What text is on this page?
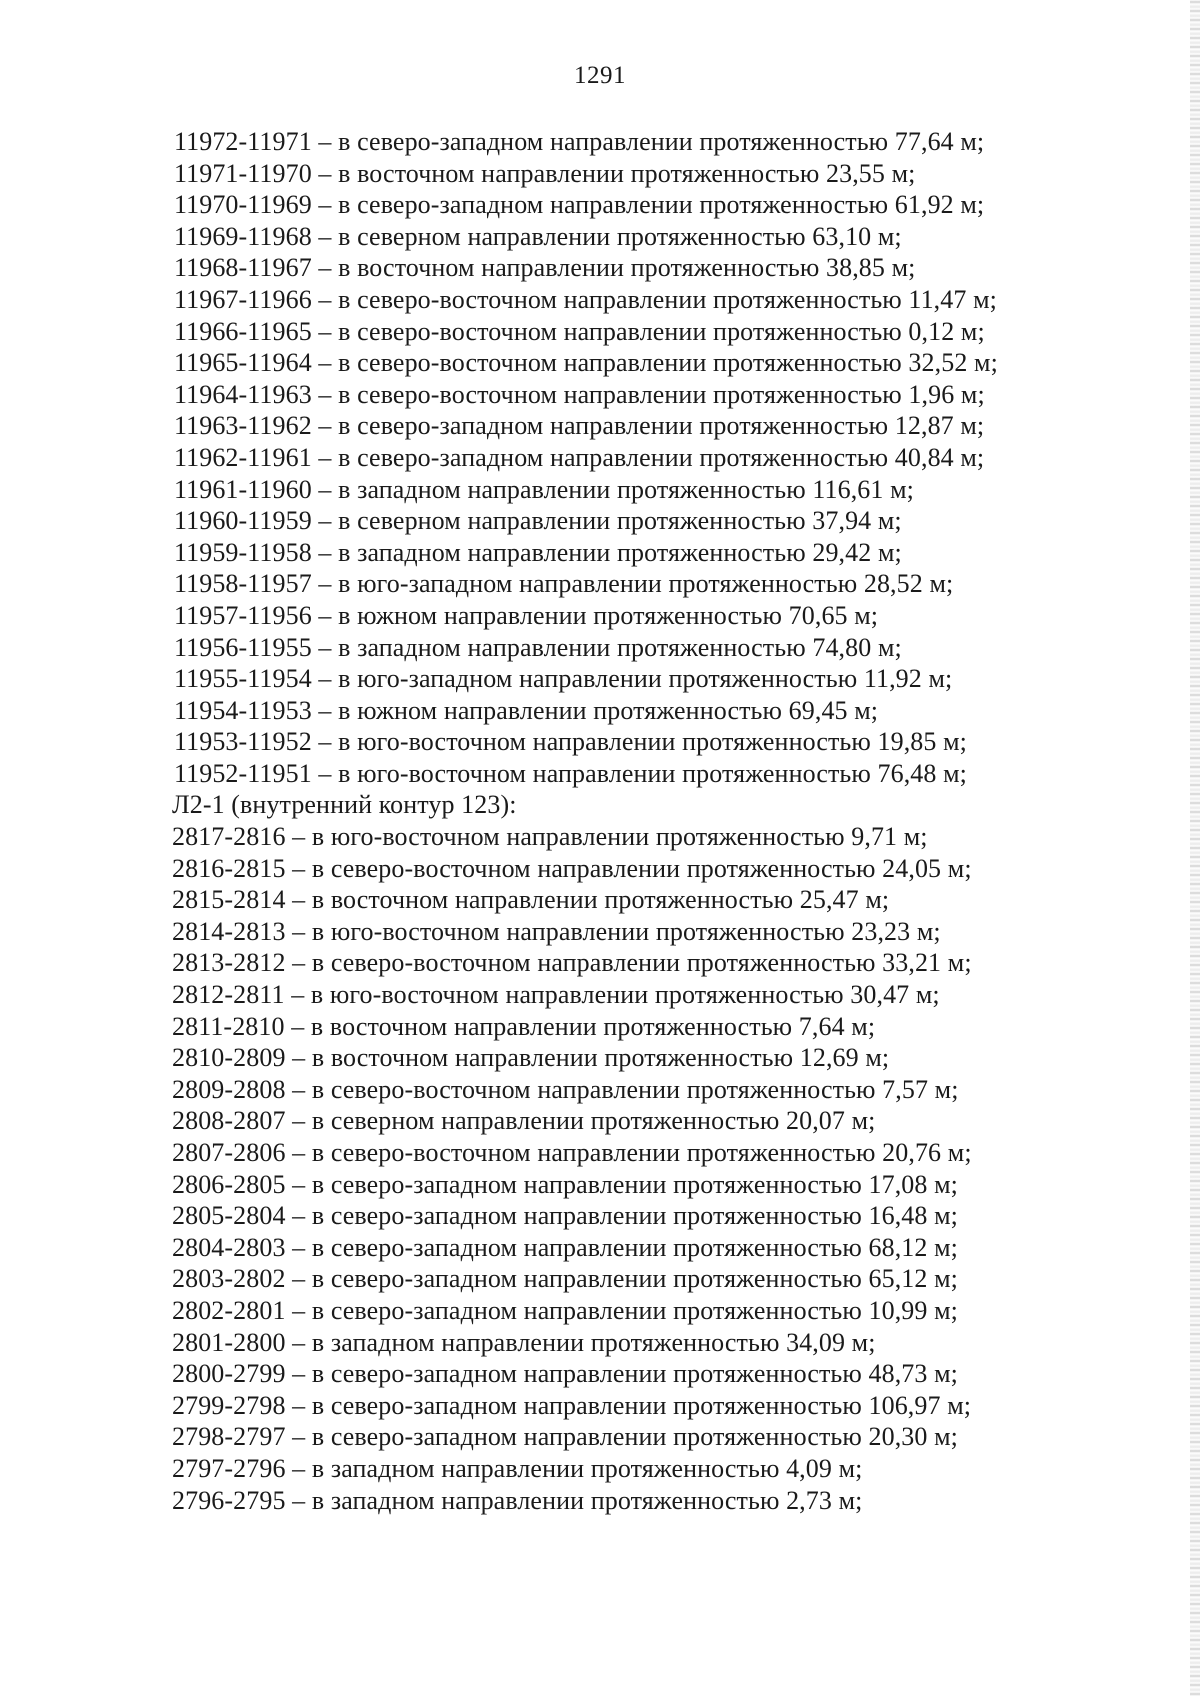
1291
11972-11971 – в северо-западном направлении протяженностью 77,64 м;
11971-11970 – в восточном направлении протяженностью 23,55 м;
11970-11969 – в северо-западном направлении протяженностью 61,92 м;
11969-11968 – в северном направлении протяженностью 63,10 м;
11968-11967 – в восточном направлении протяженностью 38,85 м;
11967-11966 – в северо-восточном направлении протяженностью 11,47 м;
11966-11965 – в северо-восточном направлении протяженностью 0,12 м;
11965-11964 – в северо-восточном направлении протяженностью 32,52 м;
11964-11963 – в северо-восточном направлении протяженностью 1,96 м;
11963-11962 – в северо-западном направлении протяженностью 12,87 м;
11962-11961 – в северо-западном направлении протяженностью 40,84 м;
11961-11960 – в западном направлении протяженностью 116,61 м;
11960-11959 – в северном направлении протяженностью 37,94 м;
11959-11958 – в западном направлении протяженностью 29,42 м;
11958-11957 – в юго-западном направлении протяженностью 28,52 м;
11957-11956 – в южном направлении протяженностью 70,65 м;
11956-11955 – в западном направлении протяженностью 74,80 м;
11955-11954 – в юго-западном направлении протяженностью 11,92 м;
11954-11953 – в южном направлении протяженностью 69,45 м;
11953-11952 – в юго-восточном направлении протяженностью 19,85 м;
11952-11951 – в юго-восточном направлении протяженностью 76,48 м;
Л2-1 (внутренний контур 123):
2817-2816 – в юго-восточном направлении протяженностью 9,71 м;
2816-2815 – в северо-восточном направлении протяженностью 24,05 м;
2815-2814 – в восточном направлении протяженностью 25,47 м;
2814-2813 – в юго-восточном направлении протяженностью 23,23 м;
2813-2812 – в северо-восточном направлении протяженностью 33,21 м;
2812-2811 – в юго-восточном направлении протяженностью 30,47 м;
2811-2810 – в восточном направлении протяженностью 7,64 м;
2810-2809 – в восточном направлении протяженностью 12,69 м;
2809-2808 – в северо-восточном направлении протяженностью 7,57 м;
2808-2807 – в северном направлении протяженностью 20,07 м;
2807-2806 – в северо-восточном направлении протяженностью 20,76 м;
2806-2805 – в северо-западном направлении протяженностью 17,08 м;
2805-2804 – в северо-западном направлении протяженностью 16,48 м;
2804-2803 – в северо-западном направлении протяженностью 68,12 м;
2803-2802 – в северо-западном направлении протяженностью 65,12 м;
2802-2801 – в северо-западном направлении протяженностью 10,99 м;
2801-2800 – в западном направлении протяженностью 34,09 м;
2800-2799 – в северо-западном направлении протяженностью 48,73 м;
2799-2798 – в северо-западном направлении протяженностью 106,97 м;
2798-2797 – в северо-западном направлении протяженностью 20,30 м;
2797-2796 – в западном направлении протяженностью 4,09 м;
2796-2795 – в западном направлении протяженностью 2,73 м;
